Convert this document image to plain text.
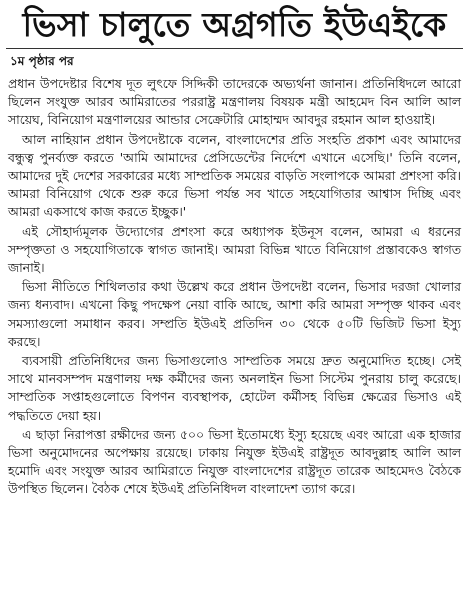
ভিসা চালুতে অগ্রগতি ইউএইকে
১ম পৃষ্ঠার পর

প্রধান উপদেষ্টার বিশেষ দূত লুৎফে সিদ্দিকী তাদেরকে অভ্যর্থনা জানান। প্রতিনিধিদলে আরো ছিলেন সংযুক্ত আরব আমিরাতের পররাষ্ট্র মন্ত্রণালয় বিষয়ক মন্ত্রী আহমেদ বিন আলি আল সায়েঘ, বিনিয়োগ মন্ত্রণালয়ের আন্ডার সেক্রেটারি মোহাম্মদ আবদুর রহমান আল হাওয়াই।

আল নাহিয়ান প্রধান উপদেষ্টাকে বলেন, বাংলাদেশের প্রতি সংহতি প্রকাশ এবং আমাদের বন্ধুত্ব পুনর্ব্যক্ত করতে 'আমি আমাদের প্রেসিডেন্টের নির্দেশে এখানে এসেছি।' তিনি বলেন, আমাদের দুই দেশের সরকারের মধ্যে সাম্প্রতিক সময়ের বাড়তি সংলাপকে আমরা প্রশংসা করি। আমরা বিনিয়োগ থেকে শুরু করে ভিসা পর্যন্ত সব খাতে সহযোগিতার আশ্বাস দিচ্ছি এবং আমরা একসাথে কাজ করতে ইচ্ছুক।'

এই সৌহার্দ্যমূলক উদ্যোগের প্রশংসা করে অধ্যাপক ইউনূস বলেন, আমরা এ ধরনের সম্পৃক্ততা ও সহযোগিতাকে স্বাগত জানাই। আমরা বিভিন্ন খাতে বিনিয়োগ প্রস্তাবকেও স্বাগত জানাই।

ভিসা নীতিতে শিথিলতার কথা উল্লেখ করে প্রধান উপদেষ্টা বলেন, ভিসার দরজা খোলার জন্য ধন্যবাদ। এখনো কিছু পদক্ষেপ নেয়া বাকি আছে, আশা করি আমরা সম্পৃক্ত থাকব এবং সমস্যাগুলো সমাধান করব। সম্প্রতি ইউএই প্রতিদিন ৩০ থেকে ৫০টি ভিজিট ভিসা ইস্যু করছে।

ব্যবসায়ী প্রতিনিধিদের জন্য ভিসাগুলোও সাম্প্রতিক সময়ে দ্রুত অনুমোদিত হচ্ছে। সেই সাথে মানবসম্পদ মন্ত্রণালয় দক্ষ কর্মীদের জন্য অনলাইন ভিসা সিস্টেম পুনরায় চালু করেছে। সাম্প্রতিক সপ্তাহগুলোতে বিপণন ব্যবস্থাপক, হোটেল কর্মীসহ বিভিন্ন ক্ষেত্রের ভিসাও এই পদ্ধতিতে দেয়া হয়।

এ ছাড়া নিরাপত্তা রক্ষীদের জন্য ৫০০ ভিসা ইতোমধ্যে ইস্যু হয়েছে এবং আরো এক হাজার ভিসা অনুমোদনের অপেক্ষায় রয়েছে। ঢাকায় নিযুক্ত ইউএই রাষ্ট্রদূত আবদুল্লাহ আলি আল হমোদি এবং সংযুক্ত আরব আমিরাতে নিযুক্ত বাংলাদেশের রাষ্ট্রদূত তারেক আহমেদও বৈঠকে উপস্থিত ছিলেন। বৈঠক শেষে ইউএই প্রতিনিধিদল বাংলাদেশ ত্যাগ করে।
